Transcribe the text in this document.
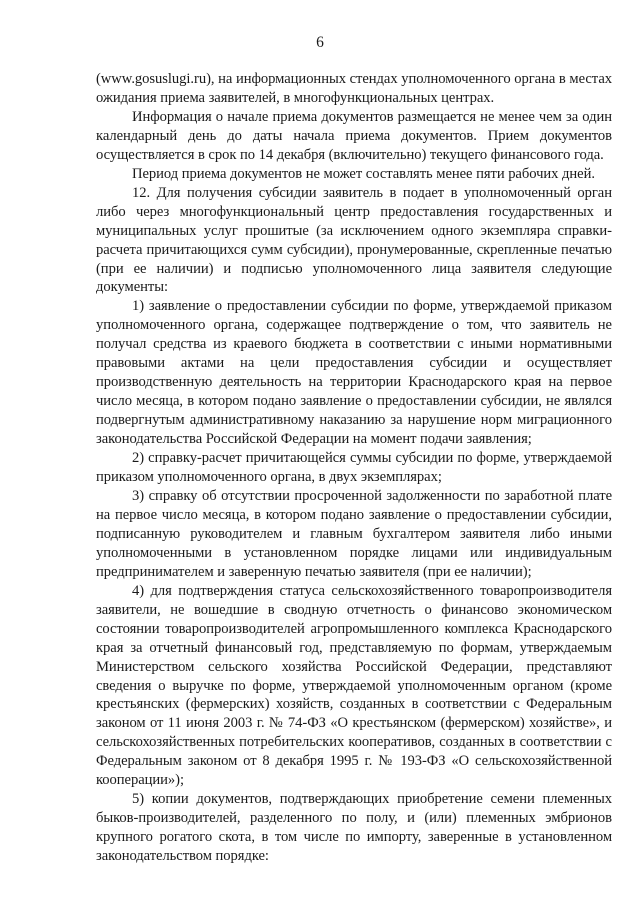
6

(www.gosuslugi.ru), на информационных стендах уполномоченного органа в местах ожидания приема заявителей, в многофункциональных центрах.

Информация о начале приема документов размещается не менее чем за один календарный день до даты начала приема документов. Прием документов осуществляется в срок по 14 декабря (включительно) текущего финансового года.

Период приема документов не может составлять менее пяти рабочих дней.

12. Для получения субсидии заявитель в подает в уполномоченный орган либо через многофункциональный центр предоставления государственных и муниципальных услуг прошитые (за исключением одного экземпляра справки-расчета причитающихся сумм субсидии), пронумерованные, скрепленные печатью (при ее наличии) и подписью уполномоченного лица заявителя следующие документы:

1) заявление о предоставлении субсидии по форме, утверждаемой приказом уполномоченного органа, содержащее подтверждение о том, что заявитель не получал средства из краевого бюджета в соответствии с иными нормативными правовыми актами на цели предоставления субсидии и осуществляет производственную деятельность на территории Краснодарского края на первое число месяца, в котором подано заявление о предоставлении субсидии, не являлся подвергнутым административному наказанию за нарушение норм миграционного законодательства Российской Федерации на момент подачи заявления;

2) справку-расчет причитающейся суммы субсидии по форме, утверждаемой приказом уполномоченного органа, в двух экземплярах;

3) справку об отсутствии просроченной задолженности по заработной плате на первое число месяца, в котором подано заявление о предоставлении субсидии, подписанную руководителем и главным бухгалтером заявителя либо иными уполномоченными в установленном порядке лицами или индивидуальным предпринимателем и заверенную печатью заявителя (при ее наличии);

4) для подтверждения статуса сельскохозяйственного товаропроизводителя заявители, не вошедшие в сводную отчетность о финансово экономическом состоянии товаропроизводителей агропромышленного комплекса Краснодарского края за отчетный финансовый год, представляемую по формам, утверждаемым Министерством сельского хозяйства Российской Федерации, представляют сведения о выручке по форме, утверждаемой уполномоченным органом (кроме крестьянских (фермерских) хозяйств, созданных в соответствии с Федеральным законом от 11 июня 2003 г. № 74-ФЗ «О крестьянском (фермерском) хозяйстве», и сельскохозяйственных потребительских кооперативов, созданных в соответствии с Федеральным законом от 8 декабря 1995 г. № 193-ФЗ «О сельскохозяйственной кооперации»);

5) копии документов, подтверждающих приобретение семени племенных быков-производителей, разделенного по полу, и (или) племенных эмбрионов крупного рогатого скота, в том числе по импорту, заверенные в установленном законодательством порядке:
